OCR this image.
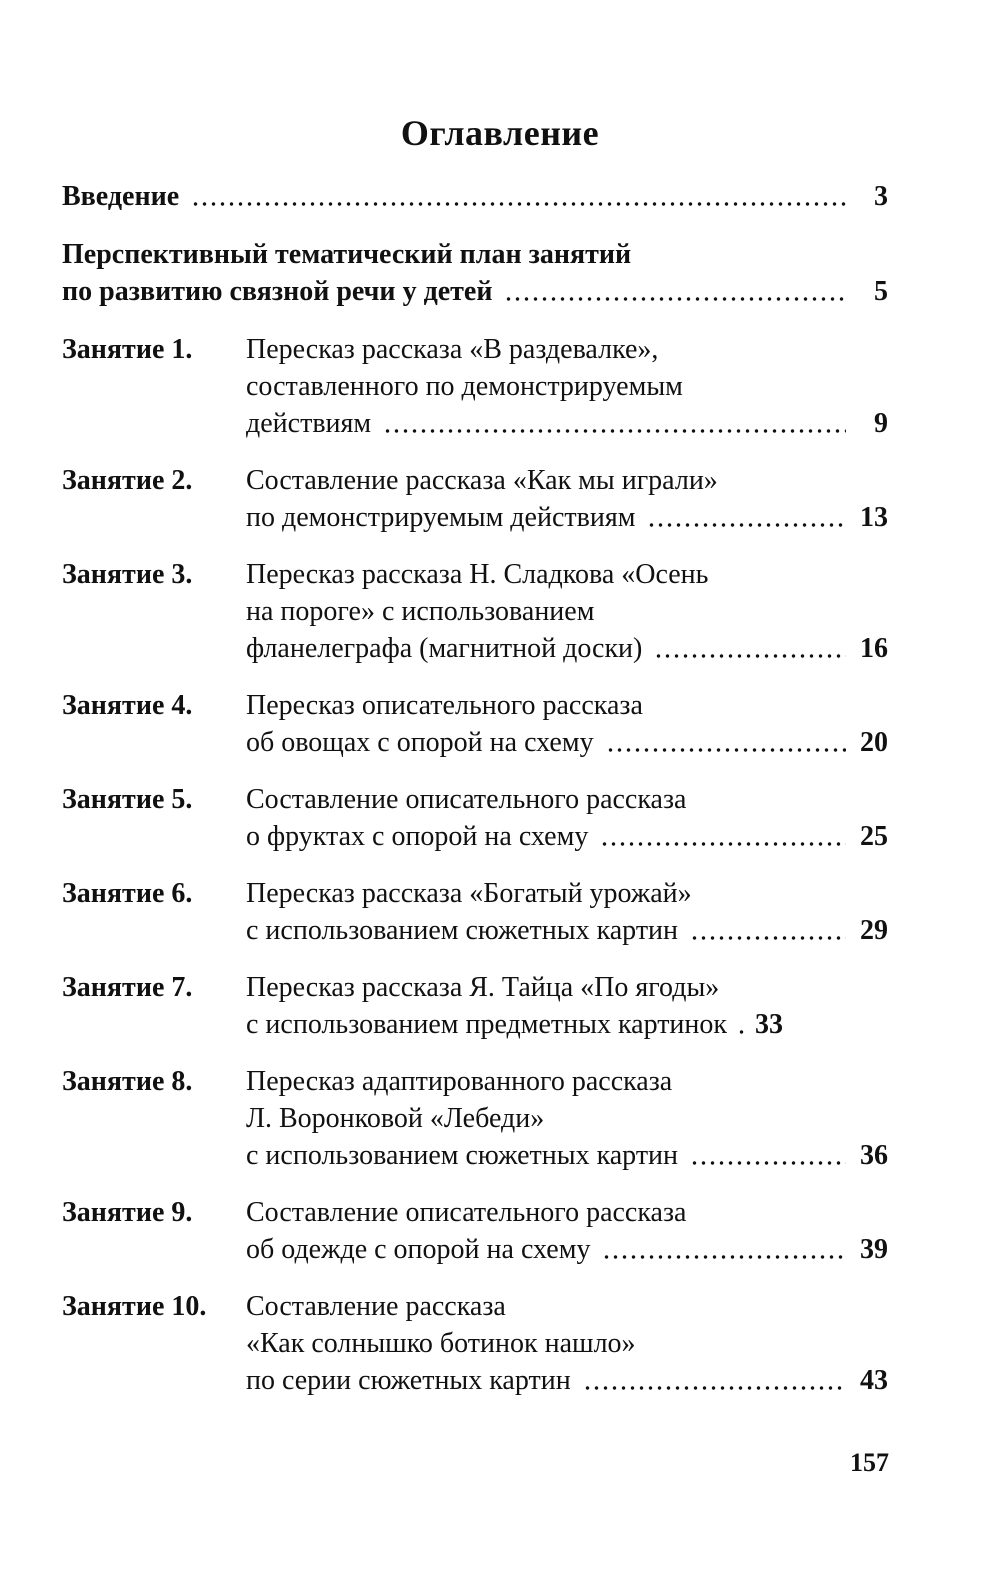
Оглавление
Введение	3
Перспективный тематический план занятий
по развитию связной речи у детей	5
Занятие 1. Пересказ рассказа «В раздевалке»,
составленного по демонстрируемым
действиям	9
Занятие 2. Составление рассказа «Как мы играли»
по демонстрируемым действиям	13
Занятие 3. Пересказ рассказа Н. Сладкова «Осень
на пороге» с использованием
фланелеграфа (магнитной доски)	16
Занятие 4. Пересказ описательного рассказа
об овощах с опорой на схему	20
Занятие 5. Составление описательного рассказа
о фруктах с опорой на схему	25
Занятие 6. Пересказ рассказа «Богатый урожай»
с использованием сюжетных картин	29
Занятие 7. Пересказ рассказа Я. Тайца «По ягоды»
с использованием предметных картинок 33
Занятие 8. Пересказ адаптированного рассказа
Л. Воронковой «Лебеди»
с использованием сюжетных картин	36
Занятие 9. Составление описательного рассказа
об одежде с опорой на схему	39
Занятие 10. Составление рассказа
«Как солнышко ботинок нашло»
по серии сюжетных картин	43
157
